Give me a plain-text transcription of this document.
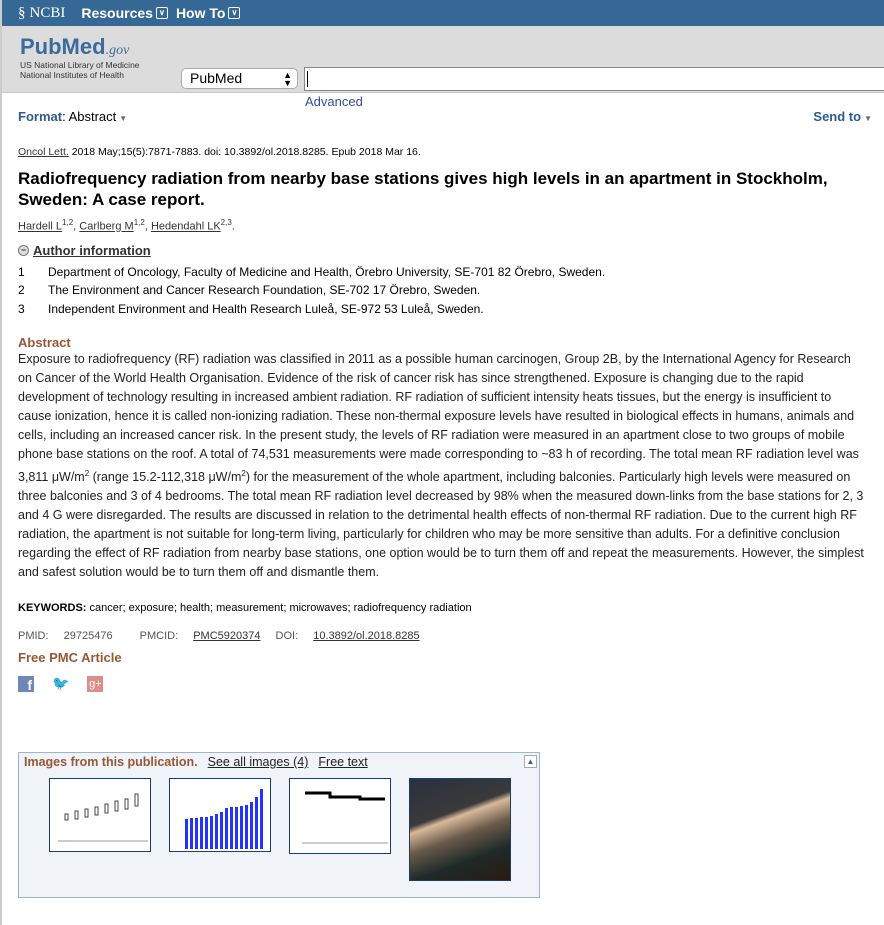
§ NCBI Resources ∨ How To ∨
PubMed.gov
US National Library of Medicine
National Institutes of Health	PubMed	▲
▼
Advanced
Format: Abstract ▼	Send to ▼

Oncol Lett. 2018 May;15(5):7871-7883. doi: 10.3892/ol.2018.8285. Epub 2018 Mar 16.

Radiofrequency radiation from nearby base stations gives high levels in an apartment in Stockholm, Sweden: A case report.
Hardell L$^{1,2}$, Carlberg M$^{1,2}$, Hedendahl LK$^{2,3}$.
− Author information
1	Department of Oncology, Faculty of Medicine and Health, Örebro University, SE-701 82 Örebro, Sweden.
2	The Environment and Cancer Research Foundation, SE-702 17 Örebro, Sweden.
3	Independent Environment and Health Research Luleå, SE-972 53 Luleå, Sweden.
Abstract

Exposure to radiofrequency (RF) radiation was classified in 2011 as a possible human carcinogen, Group 2B, by the International Agency for Research on Cancer of the World Health Organisation. Evidence of the risk of cancer risk has since strengthened. Exposure is changing due to the rapid development of technology resulting in increased ambient radiation. RF radiation of sufficient intensity heats tissues, but the energy is insufficient to cause ionization, hence it is called non-ionizing radiation. These non-thermal exposure levels have resulted in biological effects in humans, animals and cells, including an increased cancer risk. In the present study, the levels of RF radiation were measured in an apartment close to two groups of mobile phone base stations on the roof. A total of 74,531 measurements were made corresponding to ~83 h of recording. The total mean RF radiation level was 3,811 $\mu W/m^2$ (range 15.2-112,318 $\mu W/m^2$) for the measurement of the whole apartment, including balconies. Particularly high levels were measured on three balconies and 3 of 4 bedrooms. The total mean RF radiation level decreased by 98% when the measured down-links from the base stations for 2, 3 and 4 G were disregarded. The results are discussed in relation to the detrimental health effects of non-thermal RF radiation. Due to the current high RF radiation, the apartment is not suitable for long-term living, particularly for children who may be more sensitive than adults. For a definitive conclusion regarding the effect of RF radiation from nearby base stations, one option would be to turn them off and repeat the measurements. However, the simplest and safest solution would be to turn them off and dismantle them.

KEYWORDS: cancer; exposure; health; measurement; microwaves; radiofrequency radiation
PMID: 29725476 PMCID: PMC5920374 DOI: 10.3892/ol.2018.8285
Free PMC Article
f 🐦 g+
Images from this publication. See all images (4) Free text	▲
